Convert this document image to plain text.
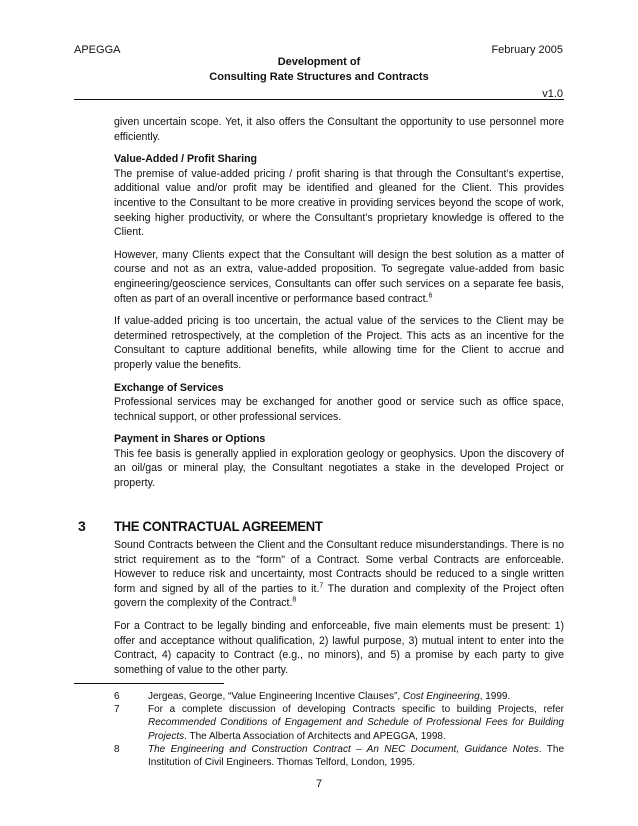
APEGGA	February 2005
Development of
Consulting Rate Structures and Contracts
v1.0

given uncertain scope. Yet, it also offers the Consultant the opportunity to use personnel more efficiently.

Value-Added / Profit Sharing

The premise of value-added pricing / profit sharing is that through the Consultant’s expertise, additional value and/or profit may be identified and gleaned for the Client. This provides incentive to the Consultant to be more creative in providing services beyond the scope of work, seeking higher productivity, or where the Consultant’s proprietary knowledge is offered to the Client.

However, many Clients expect that the Consultant will design the best solution as a matter of course and not as an extra, value-added proposition. To segregate value-added from basic engineering/geoscience services, Consultants can offer such services on a separate fee basis, often as part of an overall incentive or performance based contract.$^6$

If value-added pricing is too uncertain, the actual value of the services to the Client may be determined retrospectively, at the completion of the Project. This acts as an incentive for the Consultant to capture additional benefits, while allowing time for the Client to accrue and properly value the benefits.

Exchange of Services

Professional services may be exchanged for another good or service such as office space, technical support, or other professional services.

Payment in Shares or Options

This fee basis is generally applied in exploration geology or geophysics. Upon the discovery of an oil/gas or mineral play, the Consultant negotiates a stake in the developed Project or property.

3 THE CONTRACTUAL AGREEMENT

Sound Contracts between the Client and the Consultant reduce misunderstandings. There is no strict requirement as to the "form" of a Contract. Some verbal Contracts are enforceable. However to reduce risk and uncertainty, most Contracts should be reduced to a single written form and signed by all of the parties to it.$^7$ The duration and complexity of the Project often govern the complexity of the Contract.$^8$

For a Contract to be legally binding and enforceable, five main elements must be present: 1) offer and acceptance without qualification, 2) lawful purpose, 3) mutual intent to enter into the Contract, 4) capacity to Contract (e.g., no minors), and 5) a promise by each party to give something of value to the other party.

6	Jergeas, George, “Value Engineering Incentive Clauses”, Cost Engineering, 1999.

7	For a complete discussion of developing Contracts specific to building Projects, refer Recommended Conditions of Engagement and Schedule of Professional Fees for Building Projects. The Alberta Association of Architects and APEGGA, 1998.

8	The Engineering and Construction Contract – An NEC Document, Guidance Notes. The Institution of Civil Engineers. Thomas Telford, London, 1995.

7
